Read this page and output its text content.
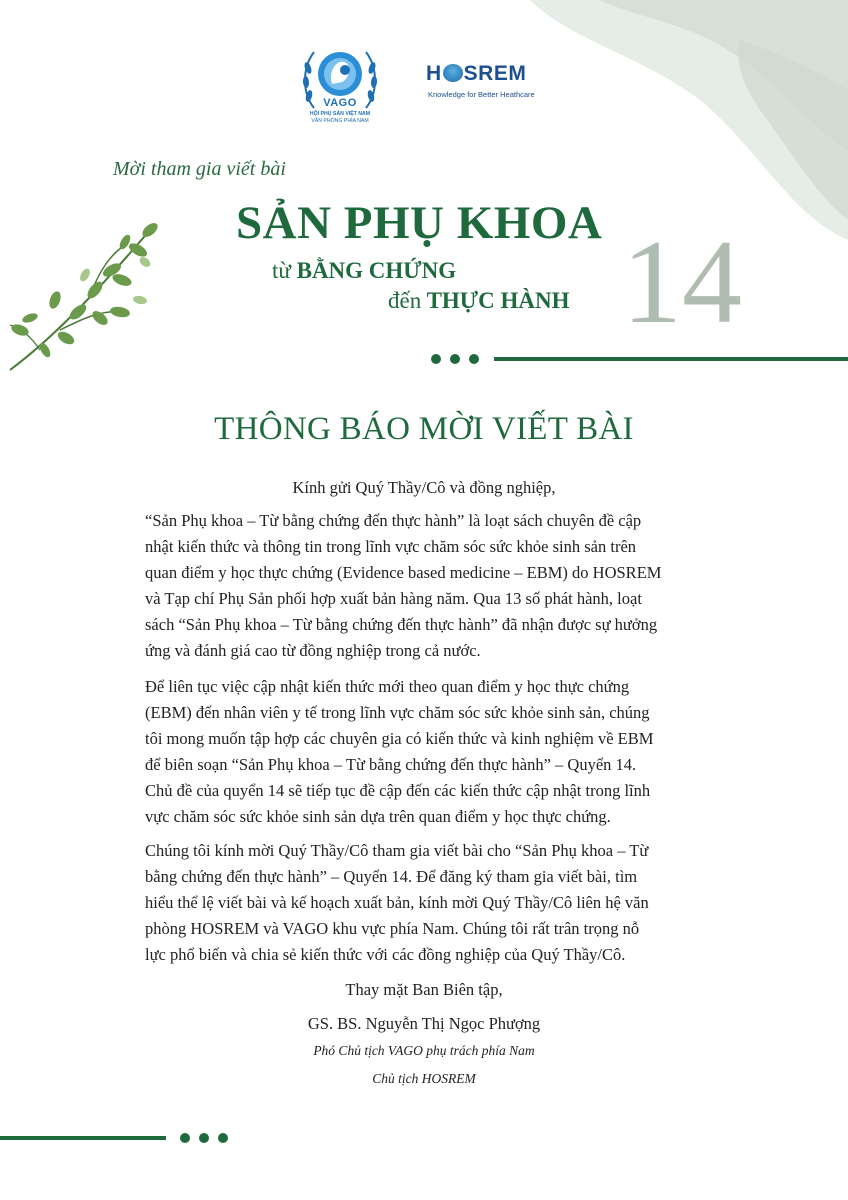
VAGO
HỘI PHỤ SẢN VIỆT NAM
VĂN PHÒNG PHÍA NAM
H SREM
Knowledge for Better Heathcare
Mời tham gia viết bài
SẢN PHỤ KHOA
từ BẰNG CHỨNG
đến THỰC HÀNH 14
THÔNG BÁO MỜI VIẾT BÀI
Kính gửi Quý Thầy/Cô và đồng nghiệp,
“Sản Phụ khoa – Từ bằng chứng đến thực hành” là loạt sách chuyên đề cập
nhật kiến thức và thông tin trong lĩnh vực chăm sóc sức khỏe sinh sản trên
quan điểm y học thực chứng (Evidence based medicine – EBM) do HOSREM
và Tạp chí Phụ Sản phối hợp xuất bản hàng năm. Qua 13 số phát hành, loạt
sách “Sản Phụ khoa – Từ bằng chứng đến thực hành” đã nhận được sự hưởng
ứng và đánh giá cao từ đồng nghiệp trong cả nước.
Để liên tục việc cập nhật kiến thức mới theo quan điểm y học thực chứng
(EBM) đến nhân viên y tế trong lĩnh vực chăm sóc sức khỏe sinh sản, chúng
tôi mong muốn tập hợp các chuyên gia có kiến thức và kinh nghiệm về EBM
để biên soạn “Sản Phụ khoa – Từ bằng chứng đến thực hành” – Quyển 14.
Chủ đề của quyển 14 sẽ tiếp tục đề cập đến các kiến thức cập nhật trong lĩnh
vực chăm sóc sức khỏe sinh sản dựa trên quan điểm y học thực chứng.
Chúng tôi kính mời Quý Thầy/Cô tham gia viết bài cho “Sản Phụ khoa – Từ
bằng chứng đến thực hành” – Quyển 14. Để đăng ký tham gia viết bài, tìm
hiểu thể lệ viết bài và kế hoạch xuất bản, kính mời Quý Thầy/Cô liên hệ văn
phòng HOSREM và VAGO khu vực phía Nam. Chúng tôi rất trân trọng nỗ
lực phổ biến và chia sẻ kiến thức với các đồng nghiệp của Quý Thầy/Cô.
Thay mặt Ban Biên tập,
GS. BS. Nguyễn Thị Ngọc Phượng
Phó Chủ tịch VAGO phụ trách phía Nam
Chủ tịch HOSREM
